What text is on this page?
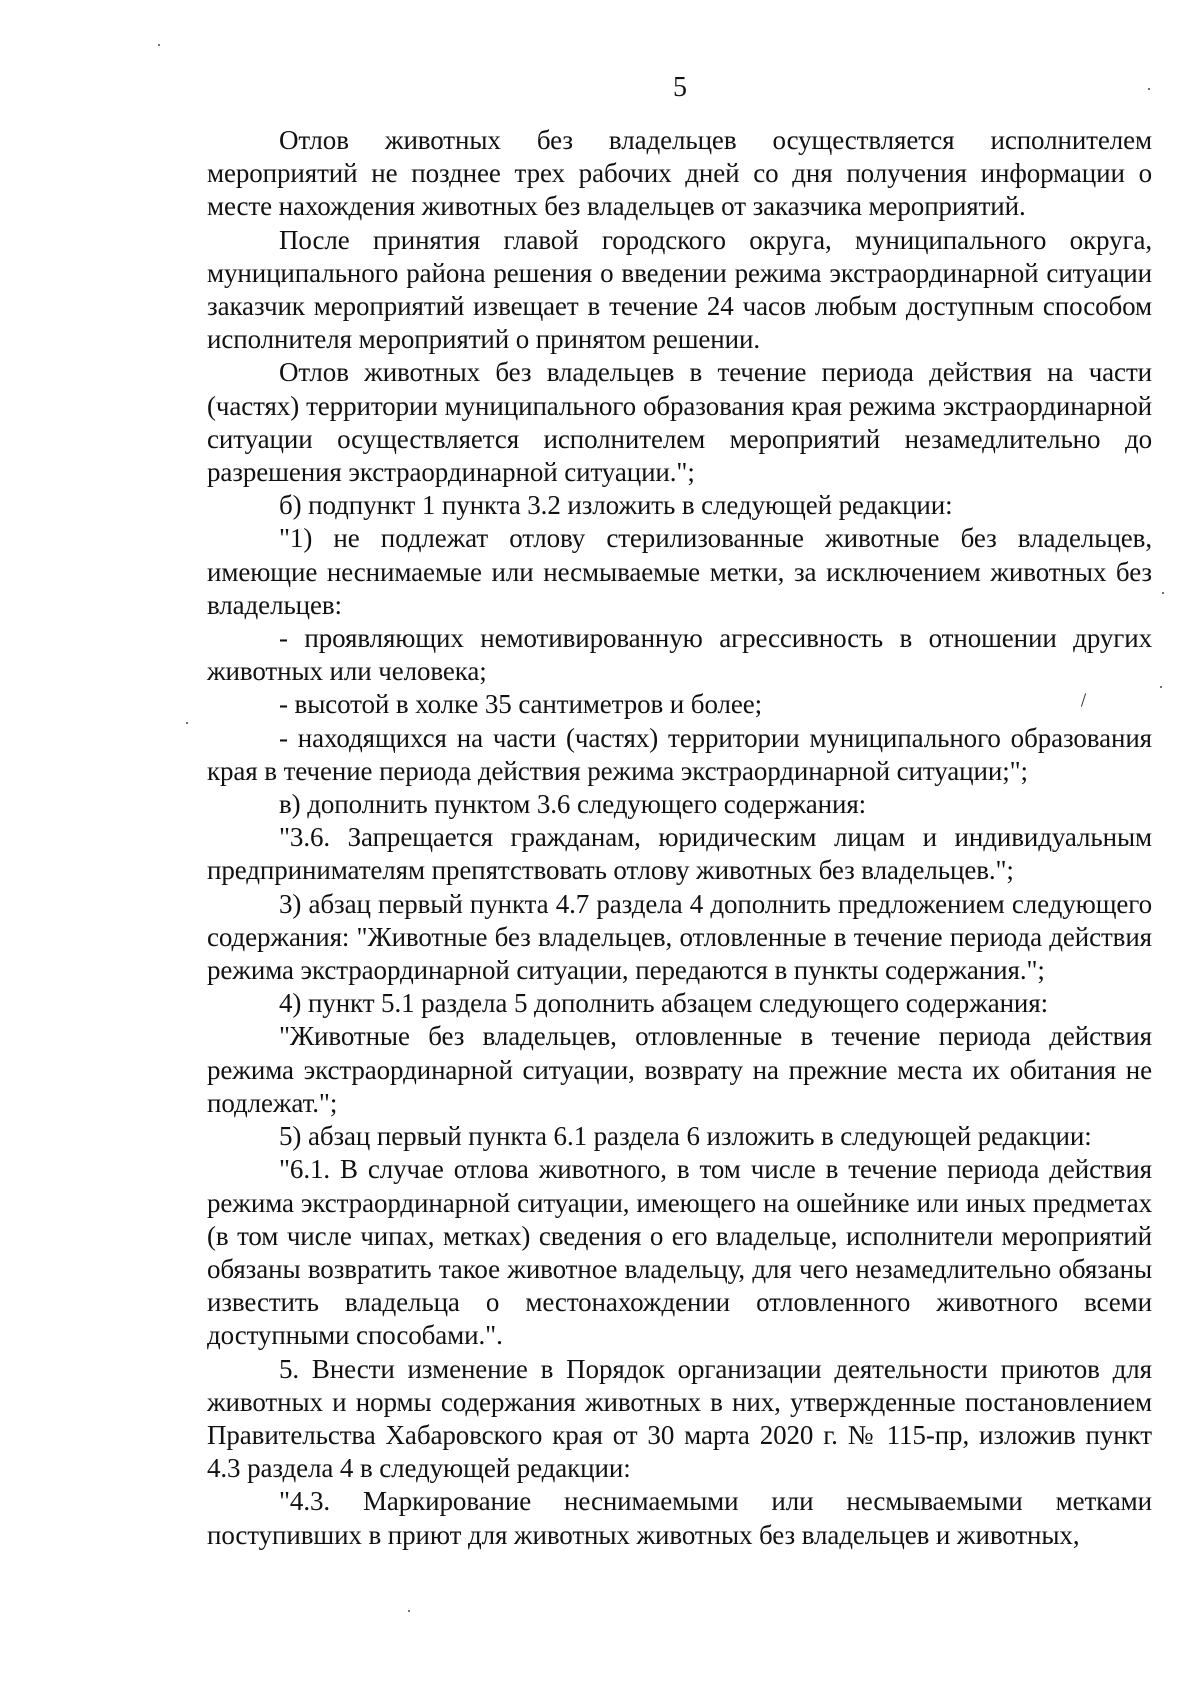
5

Отлов животных без владельцев осуществляется исполнителем мероприятий не позднее трех рабочих дней со дня получения информации о месте нахождения животных без владельцев от заказчика мероприятий.

После принятия главой городского округа, муниципального округа, муниципального района решения о введении режима экстраординарной ситуации заказчик мероприятий извещает в течение 24 часов любым доступным способом исполнителя мероприятий о принятом решении.

Отлов животных без владельцев в течение периода действия на части (частях) территории муниципального образования края режима экстраординарной ситуации осуществляется исполнителем мероприятий незамедлительно до разрешения экстраординарной ситуации.";

б) подпункт 1 пункта 3.2 изложить в следующей редакции:

"1) не подлежат отлову стерилизованные животные без владельцев, имеющие неснимаемые или несмываемые метки, за исключением животных без владельцев:

- проявляющих немотивированную агрессивность в отношении других животных или человека;

- высотой в холке 35 сантиметров и более;

- находящихся на части (частях) территории муниципального образования края в течение периода действия режима экстраординарной ситуации;";

в) дополнить пунктом 3.6 следующего содержания:

"3.6. Запрещается гражданам, юридическим лицам и индивидуальным предпринимателям препятствовать отлову животных без владельцев.";

3) абзац первый пункта 4.7 раздела 4 дополнить предложением следующего содержания: "Животные без владельцев, отловленные в течение периода действия режима экстраординарной ситуации, передаются в пункты содержания.";

4) пункт 5.1 раздела 5 дополнить абзацем следующего содержания:

"Животные без владельцев, отловленные в течение периода действия режима экстраординарной ситуации, возврату на прежние места их обитания не подлежат.";

5) абзац первый пункта 6.1 раздела 6 изложить в следующей редакции:

"6.1. В случае отлова животного, в том числе в течение периода действия режима экстраординарной ситуации, имеющего на ошейнике или иных предметах (в том числе чипах, метках) сведения о его владельце, исполнители мероприятий обязаны возвратить такое животное владельцу, для чего незамедлительно обязаны известить владельца о местонахождении отловленного животного всеми доступными способами.".

5. Внести изменение в Порядок организации деятельности приютов для животных и нормы содержания животных в них, утвержденные постановлением Правительства Хабаровского края от 30 марта 2020 г. № 115-пр, изложив пункт 4.3 раздела 4 в следующей редакции:

"4.3. Маркирование неснимаемыми или несмываемыми метками поступивших в приют для животных животных без владельцев и животных,
